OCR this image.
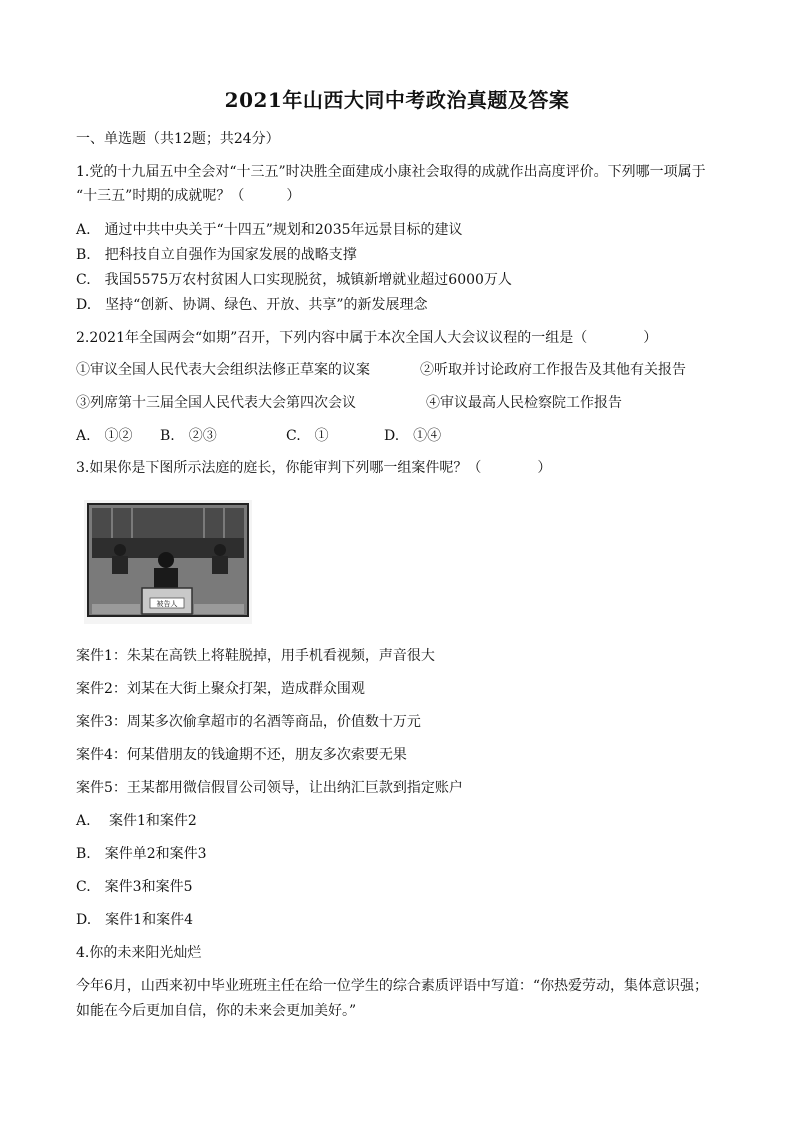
2021年山西大同中考政治真题及答案
一、单选题（共12题；共24分）
1.党的十九届五中全会对“十三五”时决胜全面建成小康社会取得的成就作出高度评价。下列哪一项属于
“十三五”时期的成就呢？（　　　）
A.　通过中共中央关于“十四五”规划和2035年远景目标的建议
B.　把科技自立自强作为国家发展的战略支撑
C.　我国5575万农村贫困人口实现脱贫，城镇新增就业超过6000万人
D.　坚持“创新、协调、绿色、开放、共享”的新发展理念
2.2021年全国两会“如期”召开，下列内容中属于本次全国人大会议议程的一组是（　　　　）
①审议全国人民代表大会组织法修正草案的议案	②听取并讨论政府工作报告及其他有关报告
③列席第十三届全国人民代表大会第四次会议	④审议最高人民检察院工作报告
A.　①② B.　②③	C.　①	D.　①④
3.如果你是下图所示法庭的庭长，你能审判下列哪一组案件呢？（　　　　）
被告人
案件1：朱某在高铁上将鞋脱掉，用手机看视频，声音很大
案件2：刘某在大街上聚众打架，造成群众围观
案件3：周某多次偷拿超市的名酒等商品，价值数十万元
案件4：何某借朋友的钱逾期不还，朋友多次索要无果
案件5：王某都用微信假冒公司领导，让出纳汇巨款到指定账户
A.　 案件1和案件2
B.　案件单2和案件3
C.　案件3和案件5
D.　案件1和案件4
4.你的未来阳光灿烂
今年6月，山西来初中毕业班班主任在给一位学生的综合素质评语中写道：“你热爱劳动，集体意识强；
如能在今后更加自信，你的未来会更加美好。”
